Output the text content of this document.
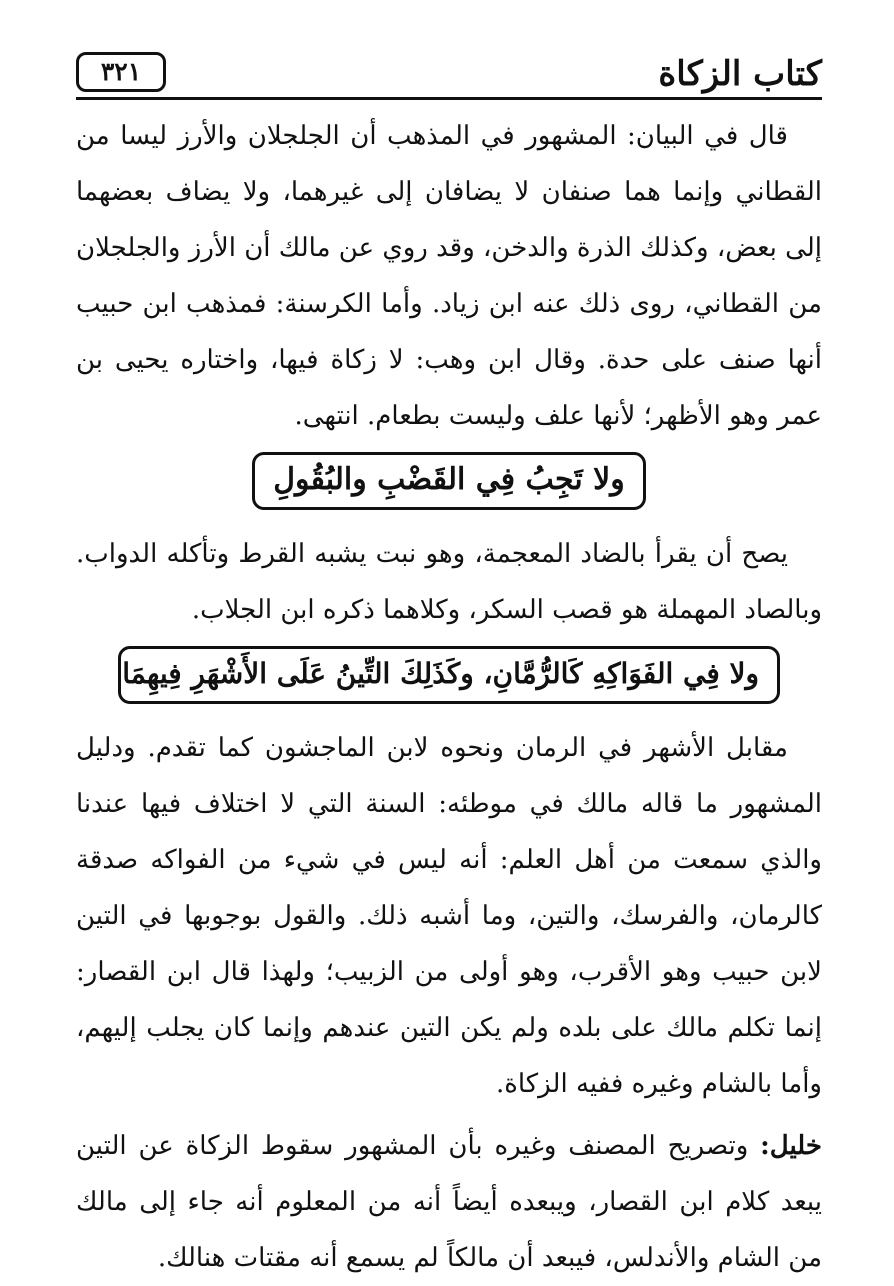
كتاب الزكاة
٣٢١

قال في البيان: المشهور في المذهب أن الجلجلان والأرز ليسا من القطاني وإنما هما صنفان لا يضافان إلى غيرهما، ولا يضاف بعضهما إلى بعض، وكذلك الذرة والدخن، وقد روي عن مالك أن الأرز والجلجلان من القطاني، روى ذلك عنه ابن زياد. وأما الكرسنة: فمذهب ابن حبيب أنها صنف على حدة. وقال ابن وهب: لا زكاة فيها، واختاره يحيى بن عمر وهو الأظهر؛ لأنها علف وليست بطعام. انتهى.

ولا تَجِبُ فِي القَضْبِ والبُقُولِ

يصح أن يقرأ بالضاد المعجمة، وهو نبت يشبه القرط وتأكله الدواب. وبالصاد المهملة هو قصب السكر، وكلاهما ذكره ابن الجلاب.

ولا فِي الفَوَاكِهِ كَالرُّمَّانِ، وكَذَلِكَ التِّينُ عَلَى الأَشْهَرِ فِيهِمَا

مقابل الأشهر في الرمان ونحوه لابن الماجشون كما تقدم. ودليل المشهور ما قاله مالك في موطئه: السنة التي لا اختلاف فيها عندنا والذي سمعت من أهل العلم: أنه ليس في شيء من الفواكه صدقة كالرمان، والفرسك، والتين، وما أشبه ذلك. والقول بوجوبها في التين لابن حبيب وهو الأقرب، وهو أولى من الزبيب؛ ولهذا قال ابن القصار: إنما تكلم مالك على بلده ولم يكن التين عندهم وإنما كان يجلب إليهم، وأما بالشام وغيره ففيه الزكاة.

خليل: وتصريح المصنف وغيره بأن المشهور سقوط الزكاة عن التين يبعد كلام ابن القصار، ويبعده أيضاً أنه من المعلوم أنه جاء إلى مالك من الشام والأندلس، فيبعد أن مالكاً لم يسمع أنه مقتات هنالك.
